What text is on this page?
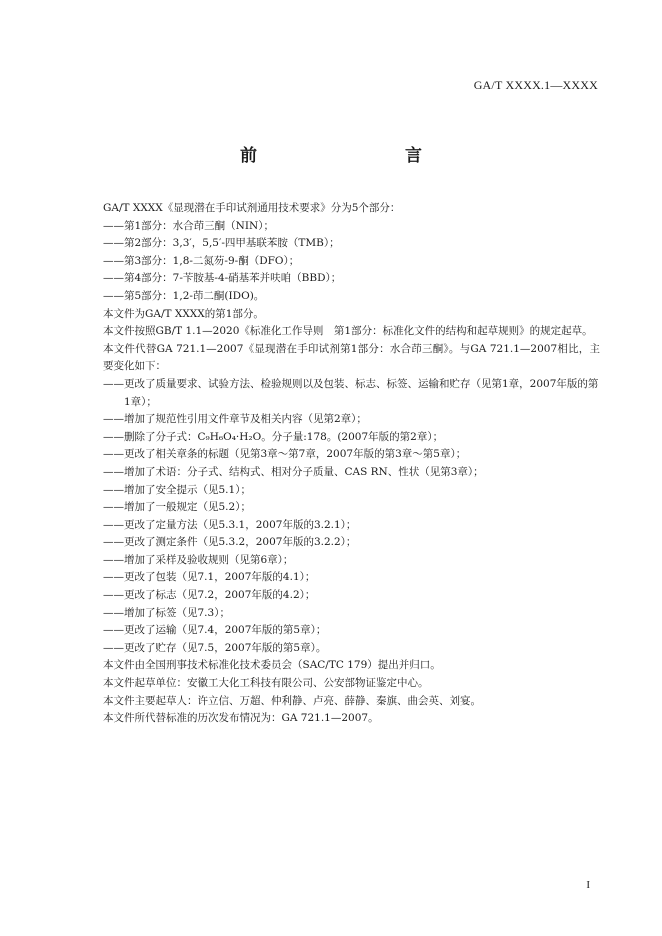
GA/T XXXX.1—XXXX
前　　言

GA/T XXXX《显现潜在手印试剂通用技术要求》分为5个部分：

——第1部分：水合茚三酮（NIN）；

——第2部分：3,3′，5,5′-四甲基联苯胺（TMB）；

——第3部分：1,8-二氮芴-9-酮（DFO）；

——第4部分：7-苄胺基-4-硝基苯并呋咱（BBD）；

——第5部分：1,2-茚二酮(IDO)。

本文件为GA/T XXXX的第1部分。

本文件按照GB/T 1.1—2020《标准化工作导则　第1部分：标准化文件的结构和起草规则》的规定起草。

本文件代替GA 721.1—2007《显现潜在手印试剂第1部分：水合茚三酮》。与GA 721.1—2007相比，主要变化如下：

——更改了质量要求、试验方法、检验规则以及包装、标志、标签、运输和贮存（见第1章，2007年版的第1章）；
——增加了规范性引用文件章节及相关内容（见第2章）；
——删除了分子式：C₉H₆O₄·H₂O。分子量:178。(2007年版的第2章）；
——更改了相关章条的标题（见第3章～第7章，2007年版的第3章～第5章）；
——增加了术语：分子式、结构式、相对分子质量、CAS RN、性状（见第3章）；
——增加了安全提示（见5.1）；
——增加了一般规定（见5.2）；
——更改了定量方法（见5.3.1，2007年版的3.2.1）；
——更改了测定条件（见5.3.2，2007年版的3.2.2）；
——增加了采样及验收规则（见第6章）；
——更改了包装（见7.1，2007年版的4.1）；
——更改了标志（见7.2，2007年版的4.2）；
——增加了标签（见7.3）；
——更改了运输（见7.4，2007年版的第5章）；
——更改了贮存（见7.5，2007年版的第5章）。

本文件由全国刑事技术标准化技术委员会（SAC/TC 179）提出并归口。

本文件起草单位：安徽工大化工科技有限公司、公安部物证鉴定中心。

本文件主要起草人：许立信、万超、仲利静、卢亮、薛静、秦旗、曲会英、刘宴。

本文件所代替标准的历次发布情况为：GA 721.1—2007。

I
